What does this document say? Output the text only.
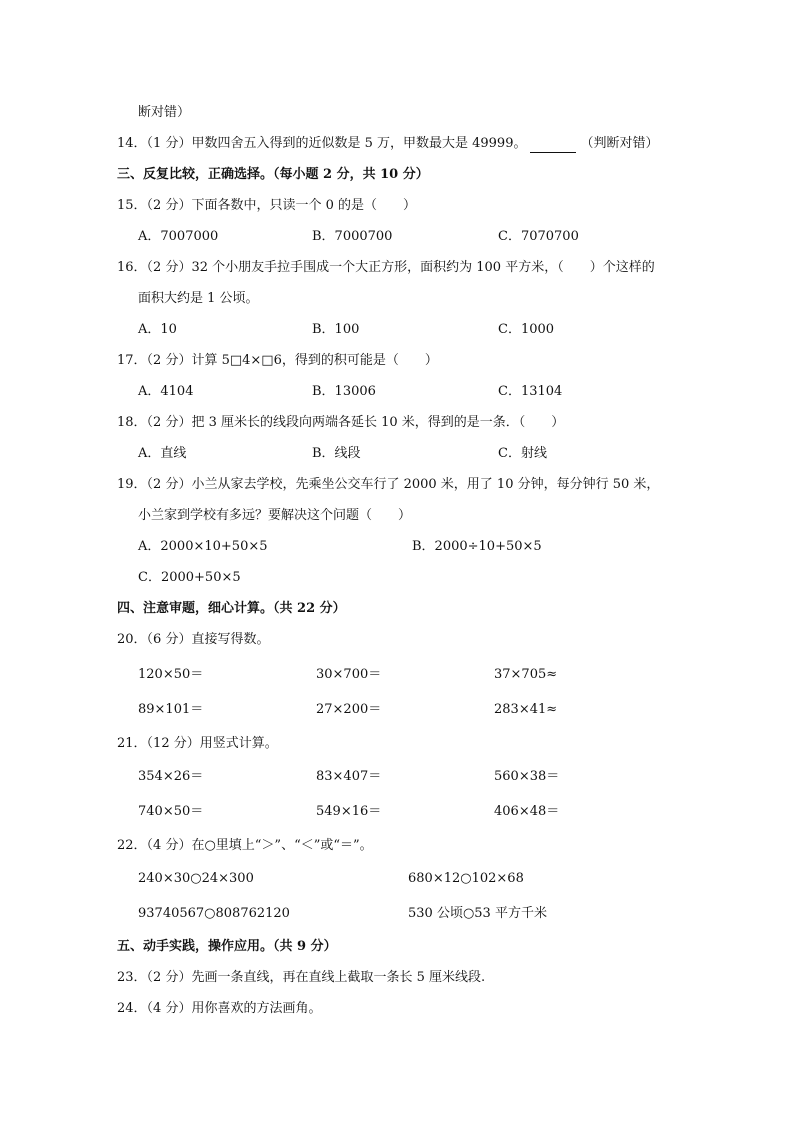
断对错）
14．（1 分）甲数四舍五入得到的近似数是 5 万，甲数最大是 49999。	（判断对错）
三、反复比较，正确选择。（每小题 2 分，共 10 分）
15．（2 分）下面各数中，只读一个 0 的是（　　）
A．7007000	B．7000700	C．7070700
16．（2 分）32 个小朋友手拉手围成一个大正方形，面积约为 100 平方米，（　　）个这样的
面积大约是 1 公顷。
A．10	B．100	C．1000
17．（2 分）计算 5□4×□6，得到的积可能是（　　）
A．4104	B．13006	C．13104
18．（2 分）把 3 厘米长的线段向两端各延长 10 米，得到的是一条．（　　）
A．直线	B．线段	C．射线
19．（2 分）小兰从家去学校，先乘坐公交车行了 2000 米，用了 10 分钟，每分钟行 50 米，
小兰家到学校有多远？要解决这个问题（　　）
A．2000×10+50×5	B．2000÷10+50×5
C．2000+50×5
四、注意审题，细心计算。（共 22 分）
20．（6 分）直接写得数。
120×50＝	30×700＝	37×705≈
89×101＝	27×200＝	283×41≈
21．（12 分）用竖式计算。
354×26＝	83×407＝	560×38＝
740×50＝	549×16＝	406×48＝
22．（4 分）在○里填上“＞”、“＜”或“＝”。
240×30○24×300	680×12○102×68
93740567○808762120	530 公顷○53 平方千米
五、动手实践，操作应用。（共 9 分）
23．（2 分）先画一条直线，再在直线上截取一条长 5 厘米线段.
24．（4 分）用你喜欢的方法画角。
